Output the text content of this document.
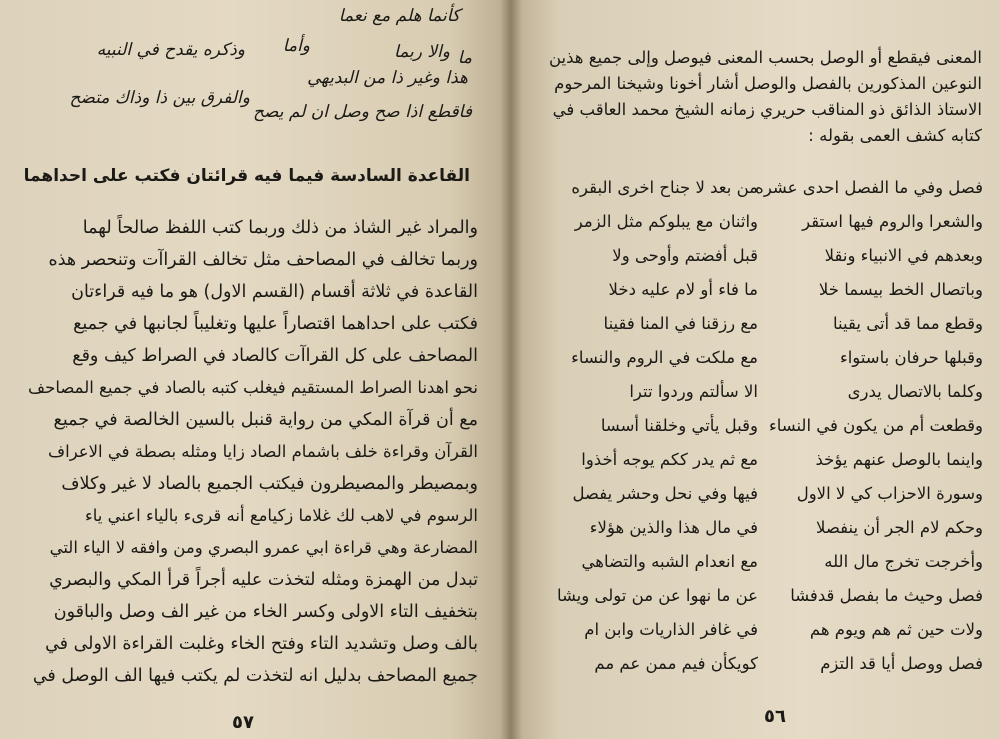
كأنما هلم مع نعما
وأما	والا ربما ما
وذكره يقدح في النبيه
هذا وغير ذا من البديهي
والفرق بين ذا وذاك متضح
فاقطع اذا صح وصل ان لم يصح
القاعدة السادسة فيما فيه قرائتان فكتب على احداهما
والمراد غير الشاذ من ذلك وربما كتب اللفظ صالحاً لهما
وربما تخالف في المصاحف مثل تخالف القراآت وتنحصر هذه
القاعدة في ثلاثة أقسام (القسم الاول) هو ما فيه قراءتان
فكتب على احداهما اقتصاراً عليها وتغليباً لجانبها في جميع
المصاحف على كل القراآت كالصاد في الصراط كيف وقع
نحو اهدنا الصراط المستقيم فيغلب كتبه بالصاد في جميع المصاحف
مع أن قرآة المكي من رواية قنبل بالسين الخالصة في جميع
القرآن وقراءة خلف باشمام الصاد زايا ومثله بصطة في الاعراف
وبمصيطر والمصيطرون فيكتب الجميع بالصاد لا غير وكلاف
الرسوم في لاهب لك غلاما زكيامع أنه قرىء بالياء اعني ياء
المضارعة وهي قراءة ابي عمرو البصري ومن وافقه لا الياء التي
تبدل من الهمزة ومثله لتخذت عليه أجراً قرأ المكي والبصري
بتخفيف التاء الاولى وكسر الخاء من غير الف وصل والباقون
بالف وصل وتشديد التاء وفتح الخاء وغلبت القراءة الاولى في
جميع المصاحف بدليل انه لتخذت لم يكتب فيها الف الوصل في
٥٧
المعنى فيقطع أو الوصل بحسب المعنى فيوصل وإلى جميع هذين
النوعين المذكورين بالفصل والوصل أشار أخونا وشيخنا المرحوم
الاستاذ الذائق ذو المناقب حريري زمانه الشيخ محمد العاقب في
كتابه كشف العمى بقوله :
فصل وفي ما الفصل احدى عشره
من بعد لا جناح اخرى البقره
والشعرا والروم فيها استقر
واثنان مع يبلوكم مثل الزمر
وبعدهم في الانبياء ونقلا
قبل أفضتم وأوحى ولا
وباتصال الخط بيسما خلا
ما فاء أو لام عليه دخلا
وقطع مما قد أتى يقينا
مع رزقنا في المنا فقينا
وقبلها حرفان باستواء
مع ملكت في الروم والنساء
وكلما بالاتصال يدرى
الا سألتم وردوا تترا
وقطعت أم من يكون في النساء
وقبل يأتي وخلقنا أسسا
واينما بالوصل عنهم يؤخذ
مع ثم يدر ككم يوجه أخذوا
وسورة الاحزاب كي لا الاول
فيها وفي نحل وحشر يفصل
وحكم لام الجر أن ينفصلا
في مال هذا والذين هؤلاء
وأخرجت تخرج مال الله
مع انعدام الشبه والتضاهي
فصل وحيث ما بفصل قدفشا
عن ما نهوا عن من تولى ويشا
ولات حين ثم هم ويوم هم
في غافر الذاريات وابن ام
فصل ووصل أيا قد التزم
كويكأن فيم ممن عم مم
٥٦
